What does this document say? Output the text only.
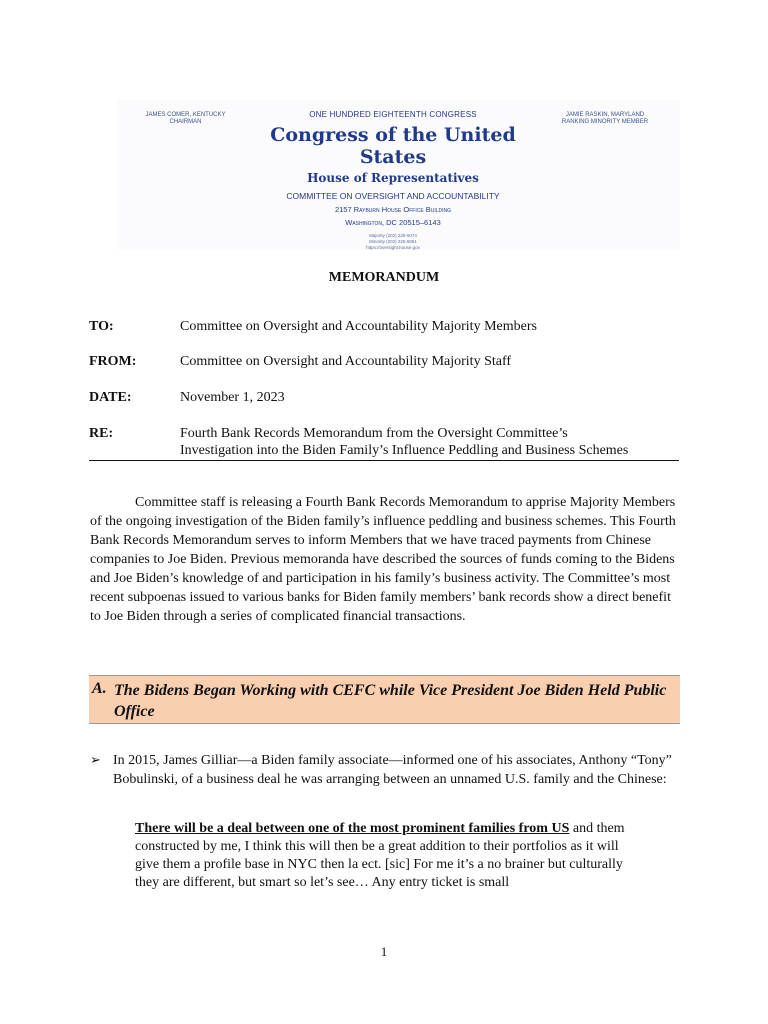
JAMES COMER, KENTUCKY
CHAIRMAN
ONE HUNDRED EIGHTEENTH CONGRESS
Congress of the United States
House of Representatives
COMMITTEE ON OVERSIGHT AND ACCOUNTABILITY
2157 Rayburn House Office Building
Washington, DC 20515–6143
Majority (202) 225-5074
Minority (202) 225-5051
https://oversight.house.gov
JAMIE RASKIN, MARYLAND
RANKING MINORITY MEMBER
MEMORANDUM
TO:	Committee on Oversight and Accountability Majority Members
FROM:	Committee on Oversight and Accountability Majority Staff
DATE:	November 1, 2023
RE:	Fourth Bank Records Memorandum from the Oversight Committee’s
Investigation into the Biden Family’s Influence Peddling and Business Schemes
Committee staff is releasing a Fourth Bank Records Memorandum to apprise Majority Members of the ongoing investigation of the Biden family’s influence peddling and business schemes. This Fourth Bank Records Memorandum serves to inform Members that we have traced payments from Chinese companies to Joe Biden. Previous memoranda have described the sources of funds coming to the Bidens and Joe Biden’s knowledge of and participation in his family’s business activity. The Committee’s most recent subpoenas issued to various banks for Biden family members’ bank records show a direct benefit to Joe Biden through a series of complicated financial transactions.
A. The Bidens Began Working with CEFC while Vice President Joe Biden Held Public Office
➢ In 2015, James Gilliar—a Biden family associate—informed one of his associates, Anthony “Tony” Bobulinski, of a business deal he was arranging between an unnamed U.S. family and the Chinese:
There will be a deal between one of the most prominent families from US and them constructed by me, I think this will then be a great addition to their portfolios as it will give them a profile base in NYC then la ect. [sic] For me it’s a no brainer but culturally they are different, but smart so let’s see… Any entry ticket is small
1
